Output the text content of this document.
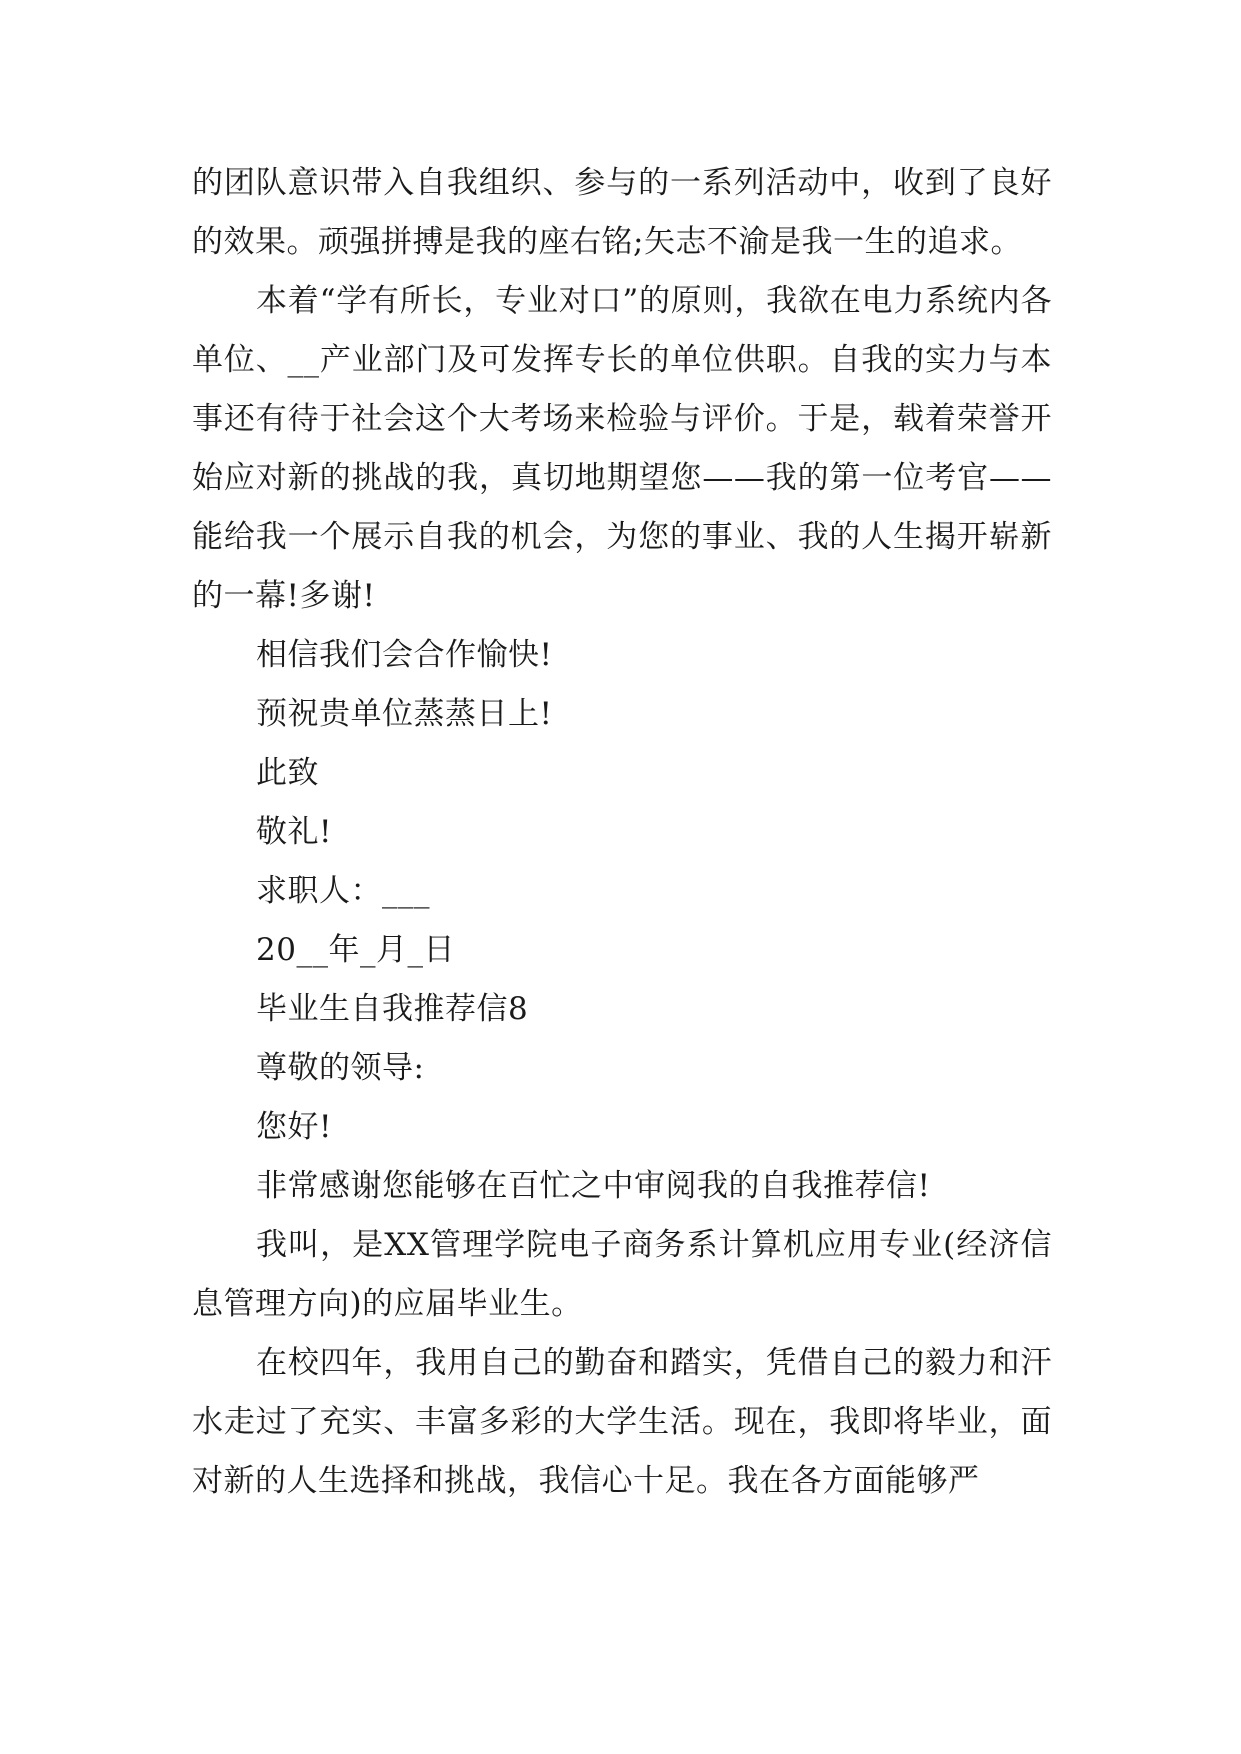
的团队意识带入自我组织、参与的一系列活动中，收到了良好的效果。顽强拼搏是我的座右铭;矢志不渝是我一生的追求。

本着“学有所长，专业对口”的原则，我欲在电力系统内各单位、__产业部门及可发挥专长的单位供职。自我的实力与本事还有待于社会这个大考场来检验与评价。于是，载着荣誉开始应对新的挑战的我，真切地期望您——我的第一位考官——能给我一个展示自我的机会，为您的事业、我的人生揭开崭新的一幕!多谢!

相信我们会合作愉快!

预祝贵单位蒸蒸日上!

此致

敬礼!

求职人：___

20__年_月_日

毕业生自我推荐信8

尊敬的领导:

您好!

非常感谢您能够在百忙之中审阅我的自我推荐信!

我叫，是XX管理学院电子商务系计算机应用专业(经济信息管理方向)的应届毕业生。

在校四年，我用自己的勤奋和踏实，凭借自己的毅力和汗水走过了充实、丰富多彩的大学生活。现在，我即将毕业，面对新的人生选择和挑战，我信心十足。我在各方面能够严
